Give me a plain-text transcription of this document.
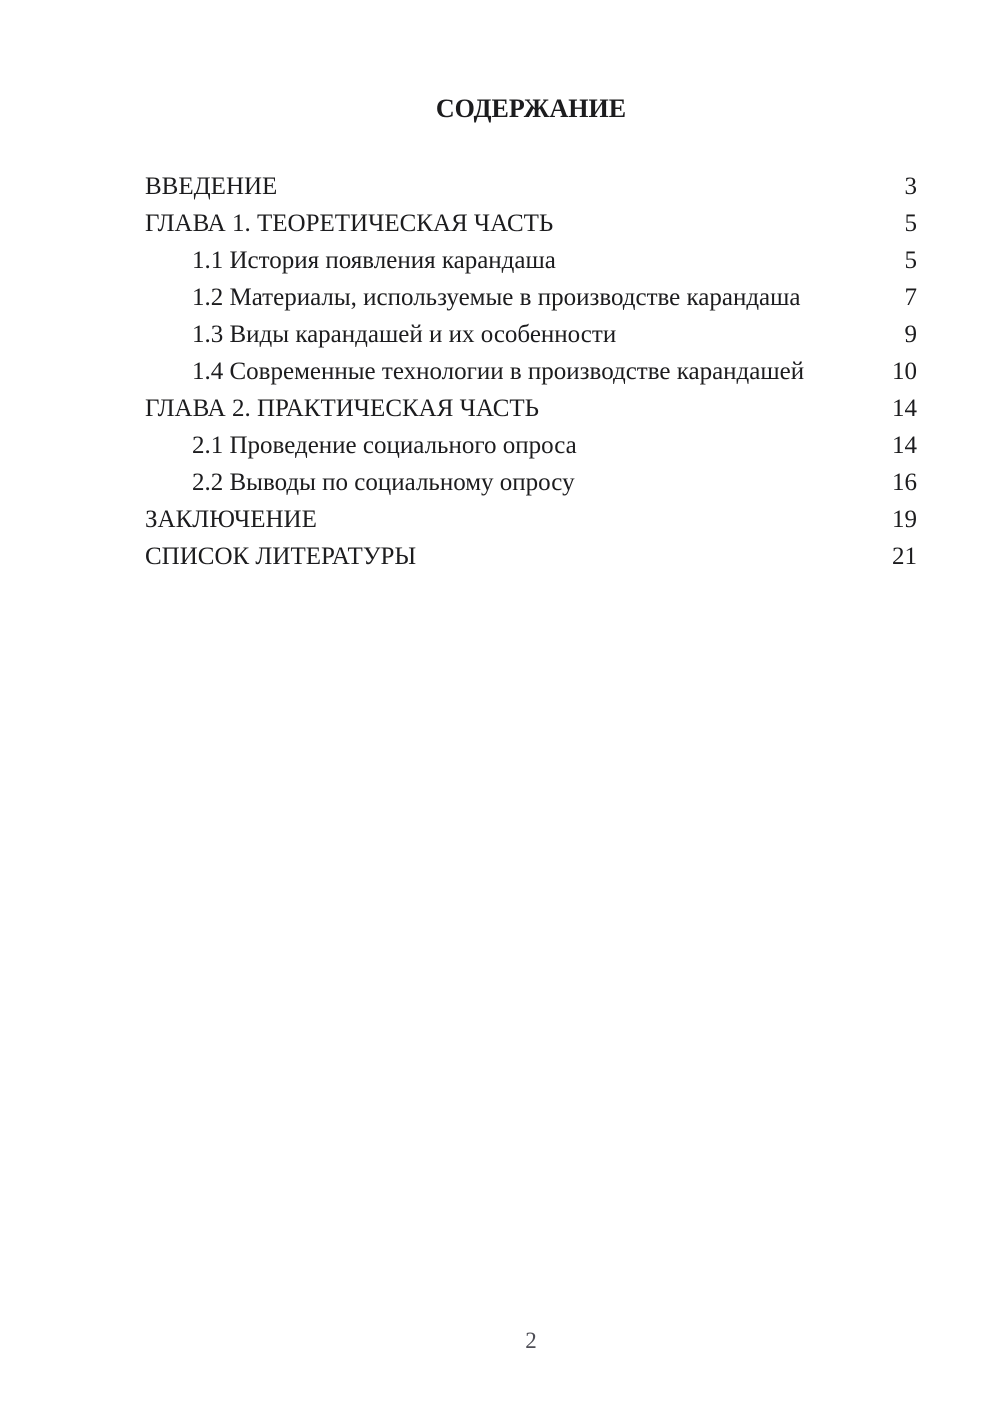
СОДЕРЖАНИЕ
ВВЕДЕНИЕ	3
ГЛАВА 1. ТЕОРЕТИЧЕСКАЯ ЧАСТЬ	5
1.1 История появления карандаша	5
1.2 Материалы, используемые в производстве карандаша	7
1.3 Виды карандашей и их особенности	9
1.4 Современные технологии в производстве карандашей	10
ГЛАВА 2. ПРАКТИЧЕСКАЯ ЧАСТЬ	14
2.1 Проведение социального опроса	14
2.2 Выводы по социальному опросу	16
ЗАКЛЮЧЕНИЕ	19
СПИСОК ЛИТЕРАТУРЫ	21
2
